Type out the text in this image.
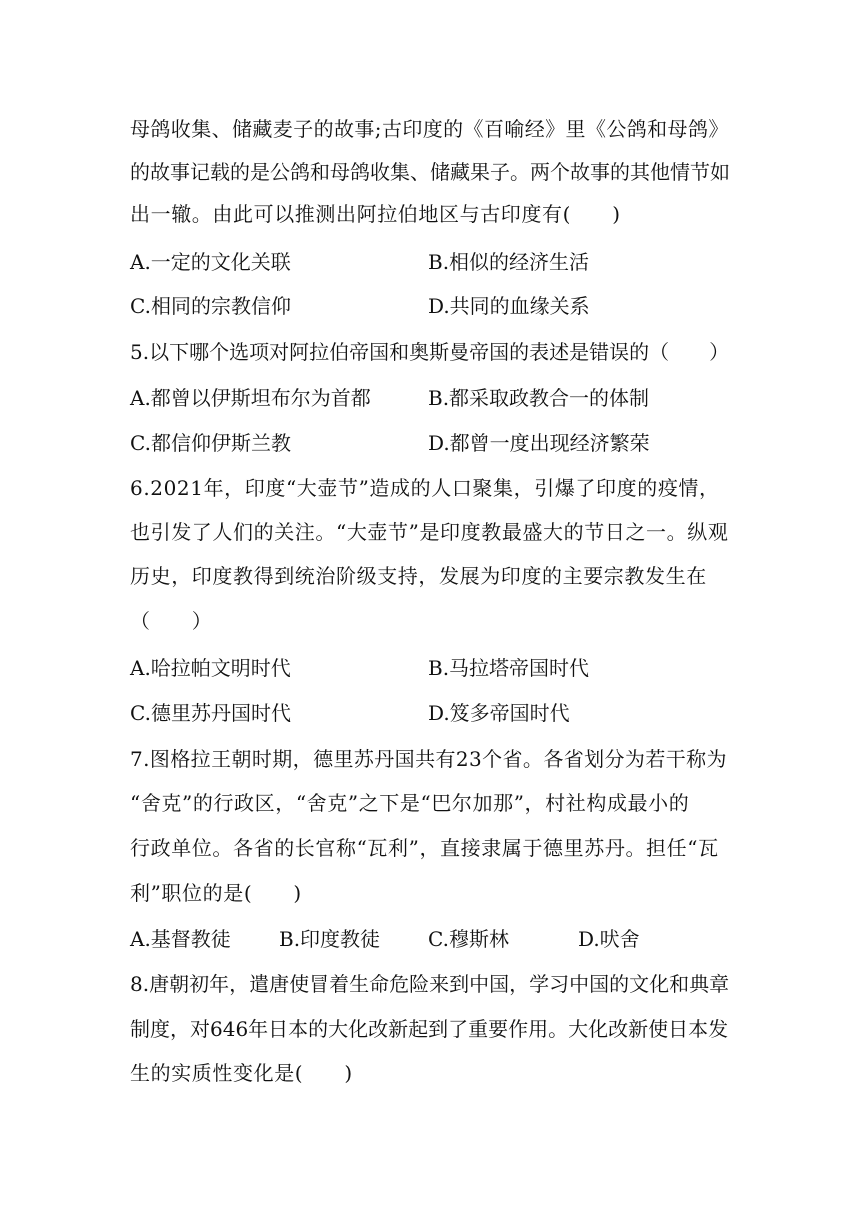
母鸽收集、储藏麦子的故事;古印度的《百喻经》里《公鸽和母鸽》
的故事记载的是公鸽和母鸽收集、储藏果子。两个故事的其他情节如
出一辙。由此可以推测出阿拉伯地区与古印度有(　　)
A.一定的文化关联	B.相似的经济生活
C.相同的宗教信仰	D.共同的血缘关系
5.以下哪个选项对阿拉伯帝国和奥斯曼帝国的表述是错误的（　　）
A.都曾以伊斯坦布尔为首都	B.都采取政教合一的体制
C.都信仰伊斯兰教	D.都曾一度出现经济繁荣
6.2021年，印度“大壶节”造成的人口聚集，引爆了印度的疫情，
也引发了人们的关注。“大壶节”是印度教最盛大的节日之一。纵观
历史，印度教得到统治阶级支持，发展为印度的主要宗教发生在
（　　）
A.哈拉帕文明时代	B.马拉塔帝国时代
C.德里苏丹国时代	D.笈多帝国时代
7.图格拉王朝时期，德里苏丹国共有23个省。各省划分为若干称为
“舍克”的行政区，“舍克”之下是“巴尔加那”，村社构成最小的
行政单位。各省的长官称“瓦利”，直接隶属于德里苏丹。担任“瓦
利”职位的是(　　)
A.基督教徒 B.印度教徒 C.穆斯林	D.吠舍
8.唐朝初年，遣唐使冒着生命危险来到中国，学习中国的文化和典章
制度，对646年日本的大化改新起到了重要作用。大化改新使日本发
生的实质性变化是(　　)
